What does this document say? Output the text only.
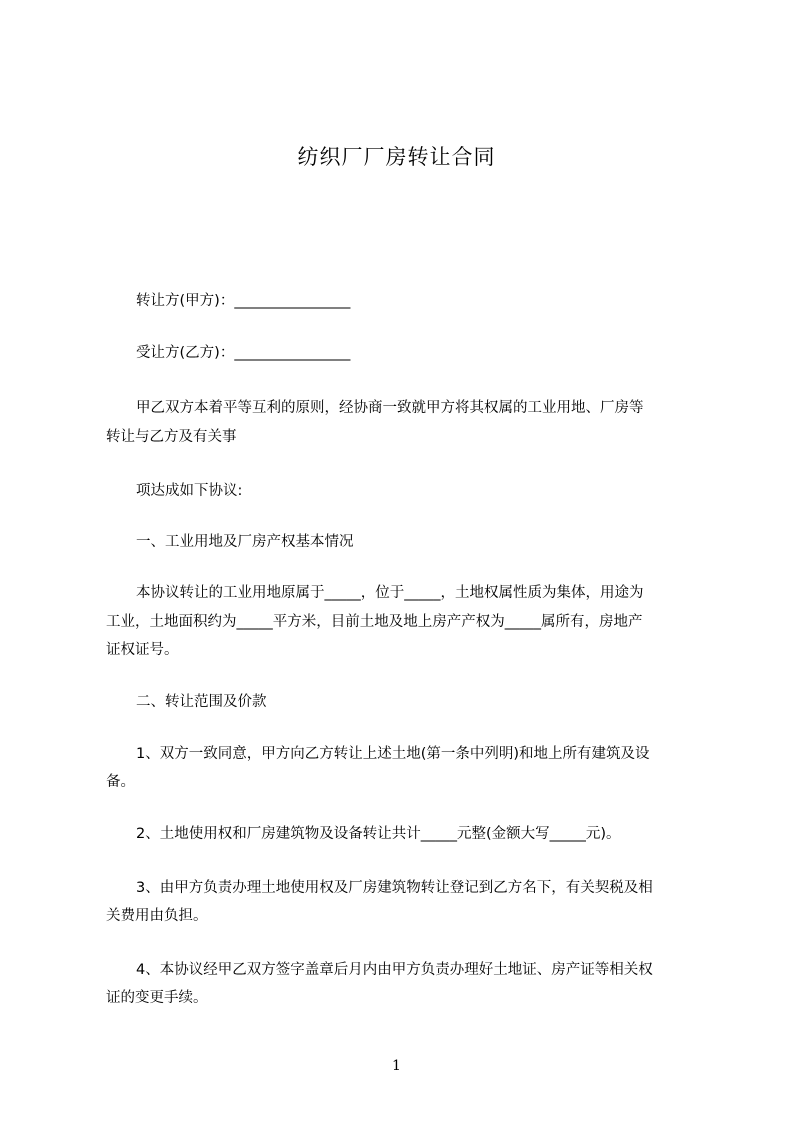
纺织厂厂房转让合同
转让方(甲方)：________________
受让方(乙方)：________________
甲乙双方本着平等互利的原则，经协商一致就甲方将其权属的工业用地、厂房等
转让与乙方及有关事
项达成如下协议:
一、工业用地及厂房产权基本情况
本协议转让的工业用地原属于_____，位于_____，土地权属性质为集体，用途为
工业，土地面积约为_____平方米，目前土地及地上房产产权为_____属所有，房地产
证权证号。
二、转让范围及价款
1、双方一致同意，甲方向乙方转让上述土地(第一条中列明)和地上所有建筑及设
备。
2、土地使用权和厂房建筑物及设备转让共计_____元整(金额大写_____元)。
3、由甲方负责办理土地使用权及厂房建筑物转让登记到乙方名下，有关契税及相
关费用由负担。
4、本协议经甲乙双方签字盖章后月内由甲方负责办理好土地证、房产证等相关权
证的变更手续。
1
